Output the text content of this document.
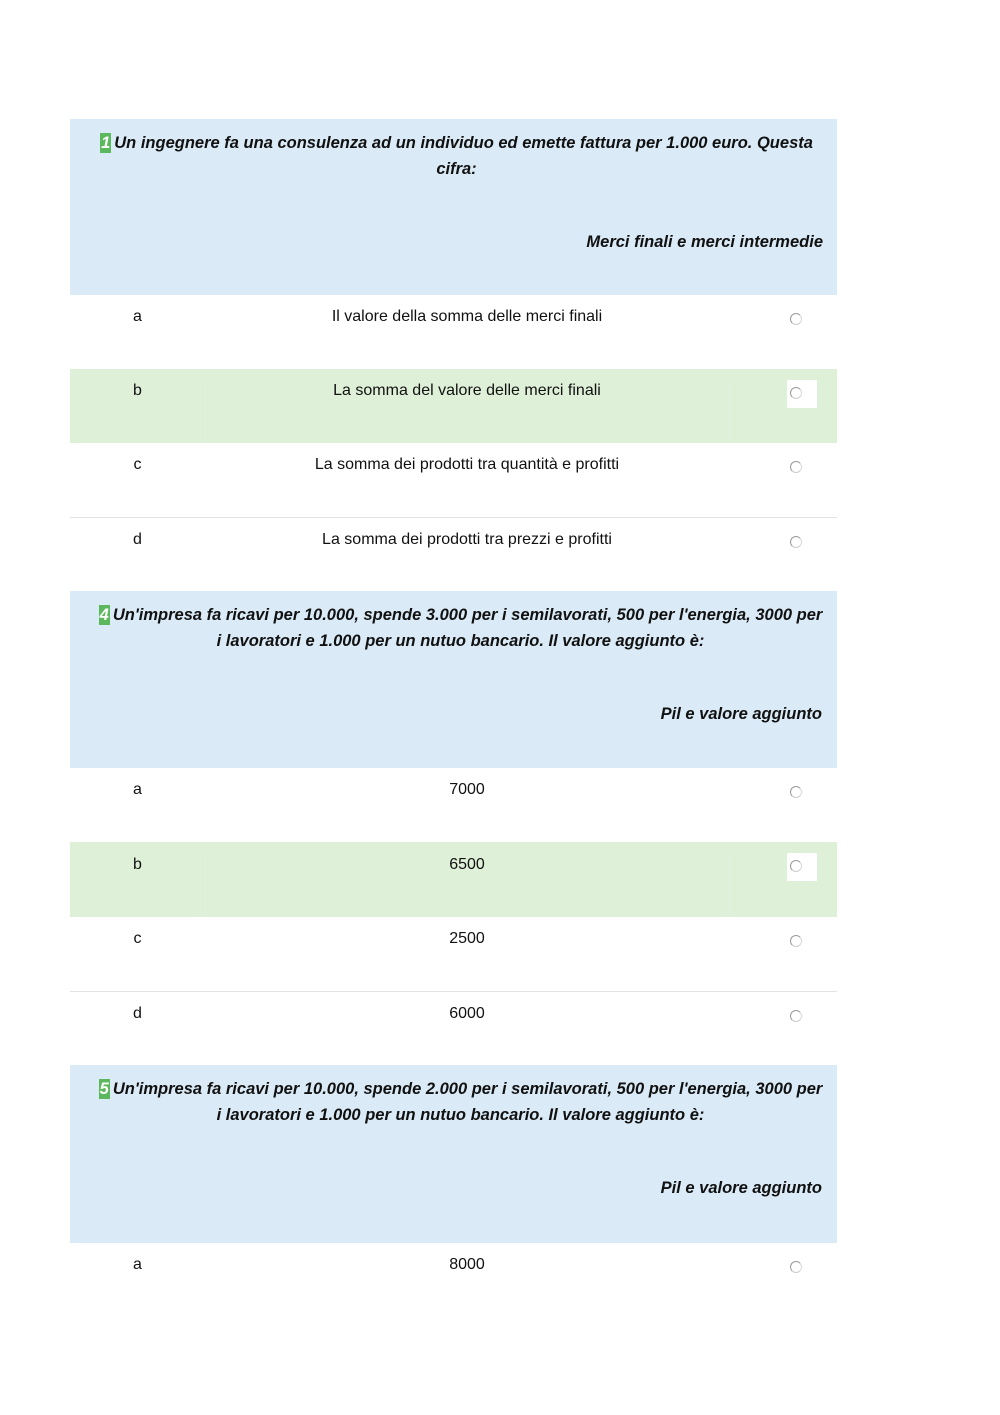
1 Un ingegnere fa una consulenza ad un individuo ed emette fattura per 1.000 euro. Questa cifra:
Merci finali e merci intermedie
a	Il valore della somma delle merci finali
b	La somma del valore delle merci finali
c	La somma dei prodotti tra quantità e profitti
d	La somma dei prodotti tra prezzi e profitti
4 Un'impresa fa ricavi per 10.000, spende 3.000 per i semilavorati, 500 per l'energia, 3000 per i lavoratori e 1.000 per un nutuo bancario. Il valore aggiunto è:
Pil e valore aggiunto
a	7000
b	6500
c	2500
d	6000
5 Un'impresa fa ricavi per 10.000, spende 2.000 per i semilavorati, 500 per l'energia, 3000 per i lavoratori e 1.000 per un nutuo bancario. Il valore aggiunto è:
Pil e valore aggiunto
a	8000
